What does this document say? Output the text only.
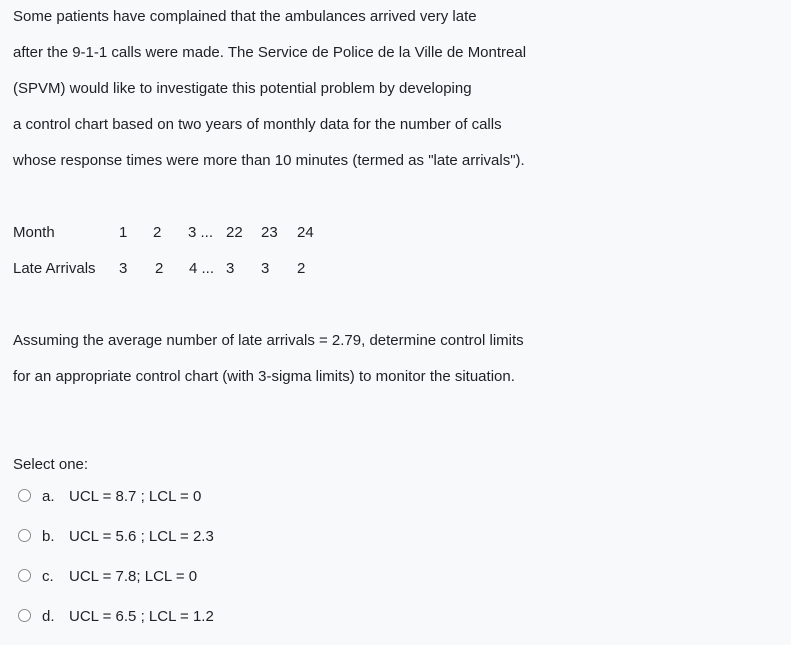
Some patients have complained that the ambulances arrived very late
after the 9-1-1 calls were made. The Service de Police de la Ville de Montreal
(SPVM) would like to investigate this potential problem by developing
a control chart based on two years of monthly data for the number of calls
whose response times were more than 10 minutes (termed as "late arrivals").
Month	1 2 3 ... 22 23 24
Late Arrivals 3 2 4 ... 3 3 2
Assuming the average number of late arrivals = 2.79, determine control limits
for an appropriate control chart (with 3-sigma limits) to monitor the situation.
Select one:
a. UCL = 8.7 ; LCL = 0
b. UCL = 5.6 ; LCL = 2.3
c. UCL = 7.8; LCL = 0
d. UCL = 6.5 ; LCL = 1.2
